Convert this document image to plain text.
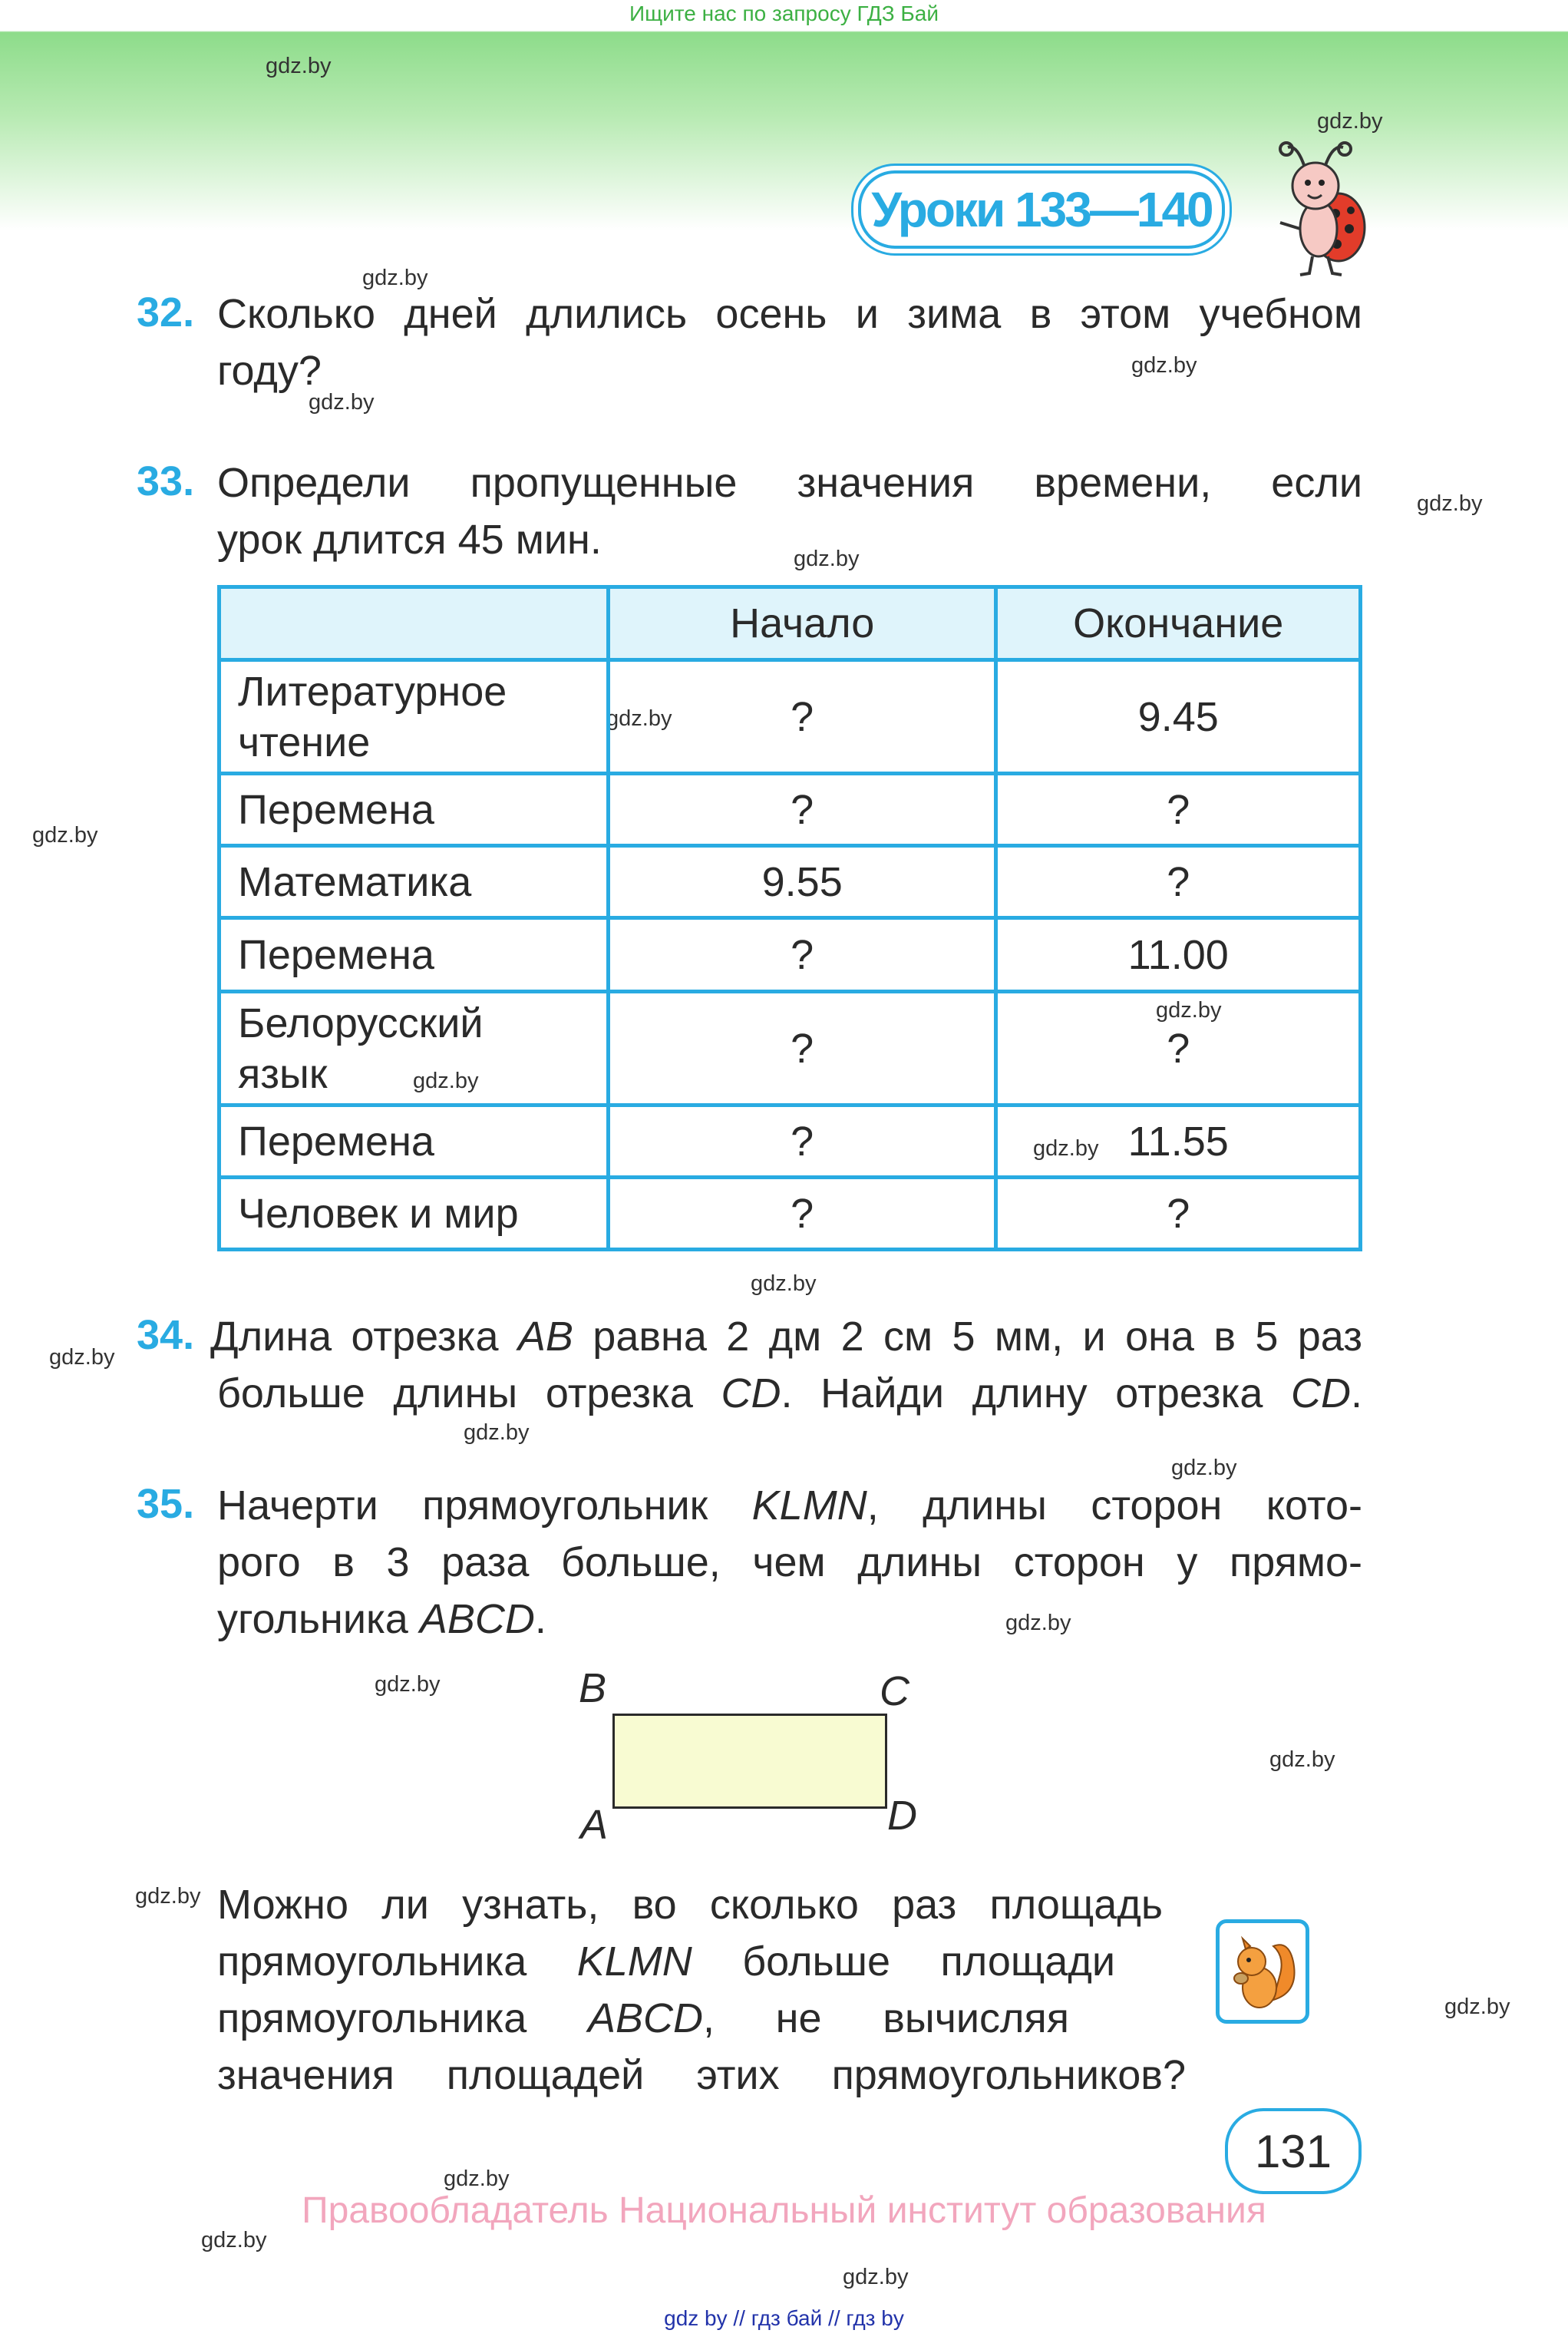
Ищите нас по запросу ГДЗ Бай
gdz.by
gdz.by
gdz.by
gdz.by
gdz.by
gdz.by
gdz.by
gdz.by
gdz.by
gdz.by
gdz.by
gdz.by
gdz.by
gdz.by
gdz.by
gdz.by
gdz.by
gdz.by
gdz.by
gdz.by
gdz.by
gdz.by
gdz.by
gdz.by
Уроки 133—140
32. Сколько дней длились осень и зима в этом учебном
году?
33. Определи пропущенные значения времени, если
урок длится 45 мин.
	Начало	Окончание
Литературное
чтение	?	9.45
Перемена	?	?
Математика	9.55	?
Перемена	?	11.00
Белорусский
язык	?	?
Перемена	?	11.55
Человек и мир	?	?
34. Длина отрезка AB равна 2 дм 2 см 5 мм, и она в 5 раз
больше длины отрезка CD. Найди длину отрезка CD.
35. Начерти прямоугольник KLMN, длины сторон кото-
рого в 3 раза больше, чем длины сторон у прямо-
угольника ABCD.
B	C
A	D
Можно ли узнать, во сколько раз площадь
прямоугольника KLMN больше площади
прямоугольника ABCD, не вычисляя
значения площадей этих прямоугольников?
131
Правообладатель Национальный институт образования
gdz by // гдз бай // гдз by
